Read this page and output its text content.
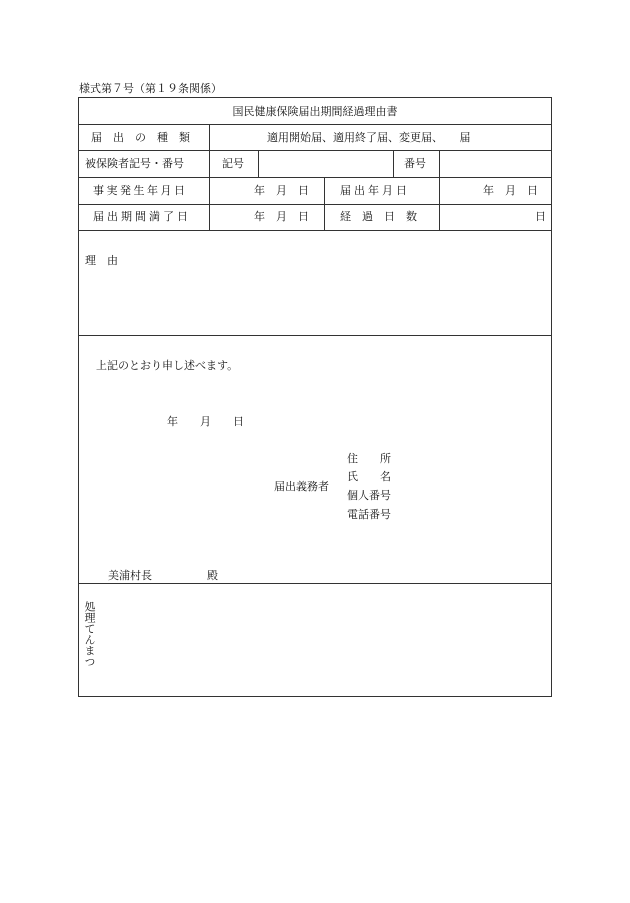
様式第７号（第１９条関係）
国民健康保険届出期間経過理由書
届　出　の　種　類	適用開始届、適用終了届、変更届、　　届
被保険者記号・番号	記号	番号
事実発生年月日	年　月　日	届出年月日	年　月　日
届出期間満了日	年　月　日	経　過　日　数	日
理　由
上記のとおり申し述べます。
年　　月　　日
届出義務者
住　　所
氏　　名
個人番号
電話番号
美浦村長　　　　　殿
処理てんまつ
